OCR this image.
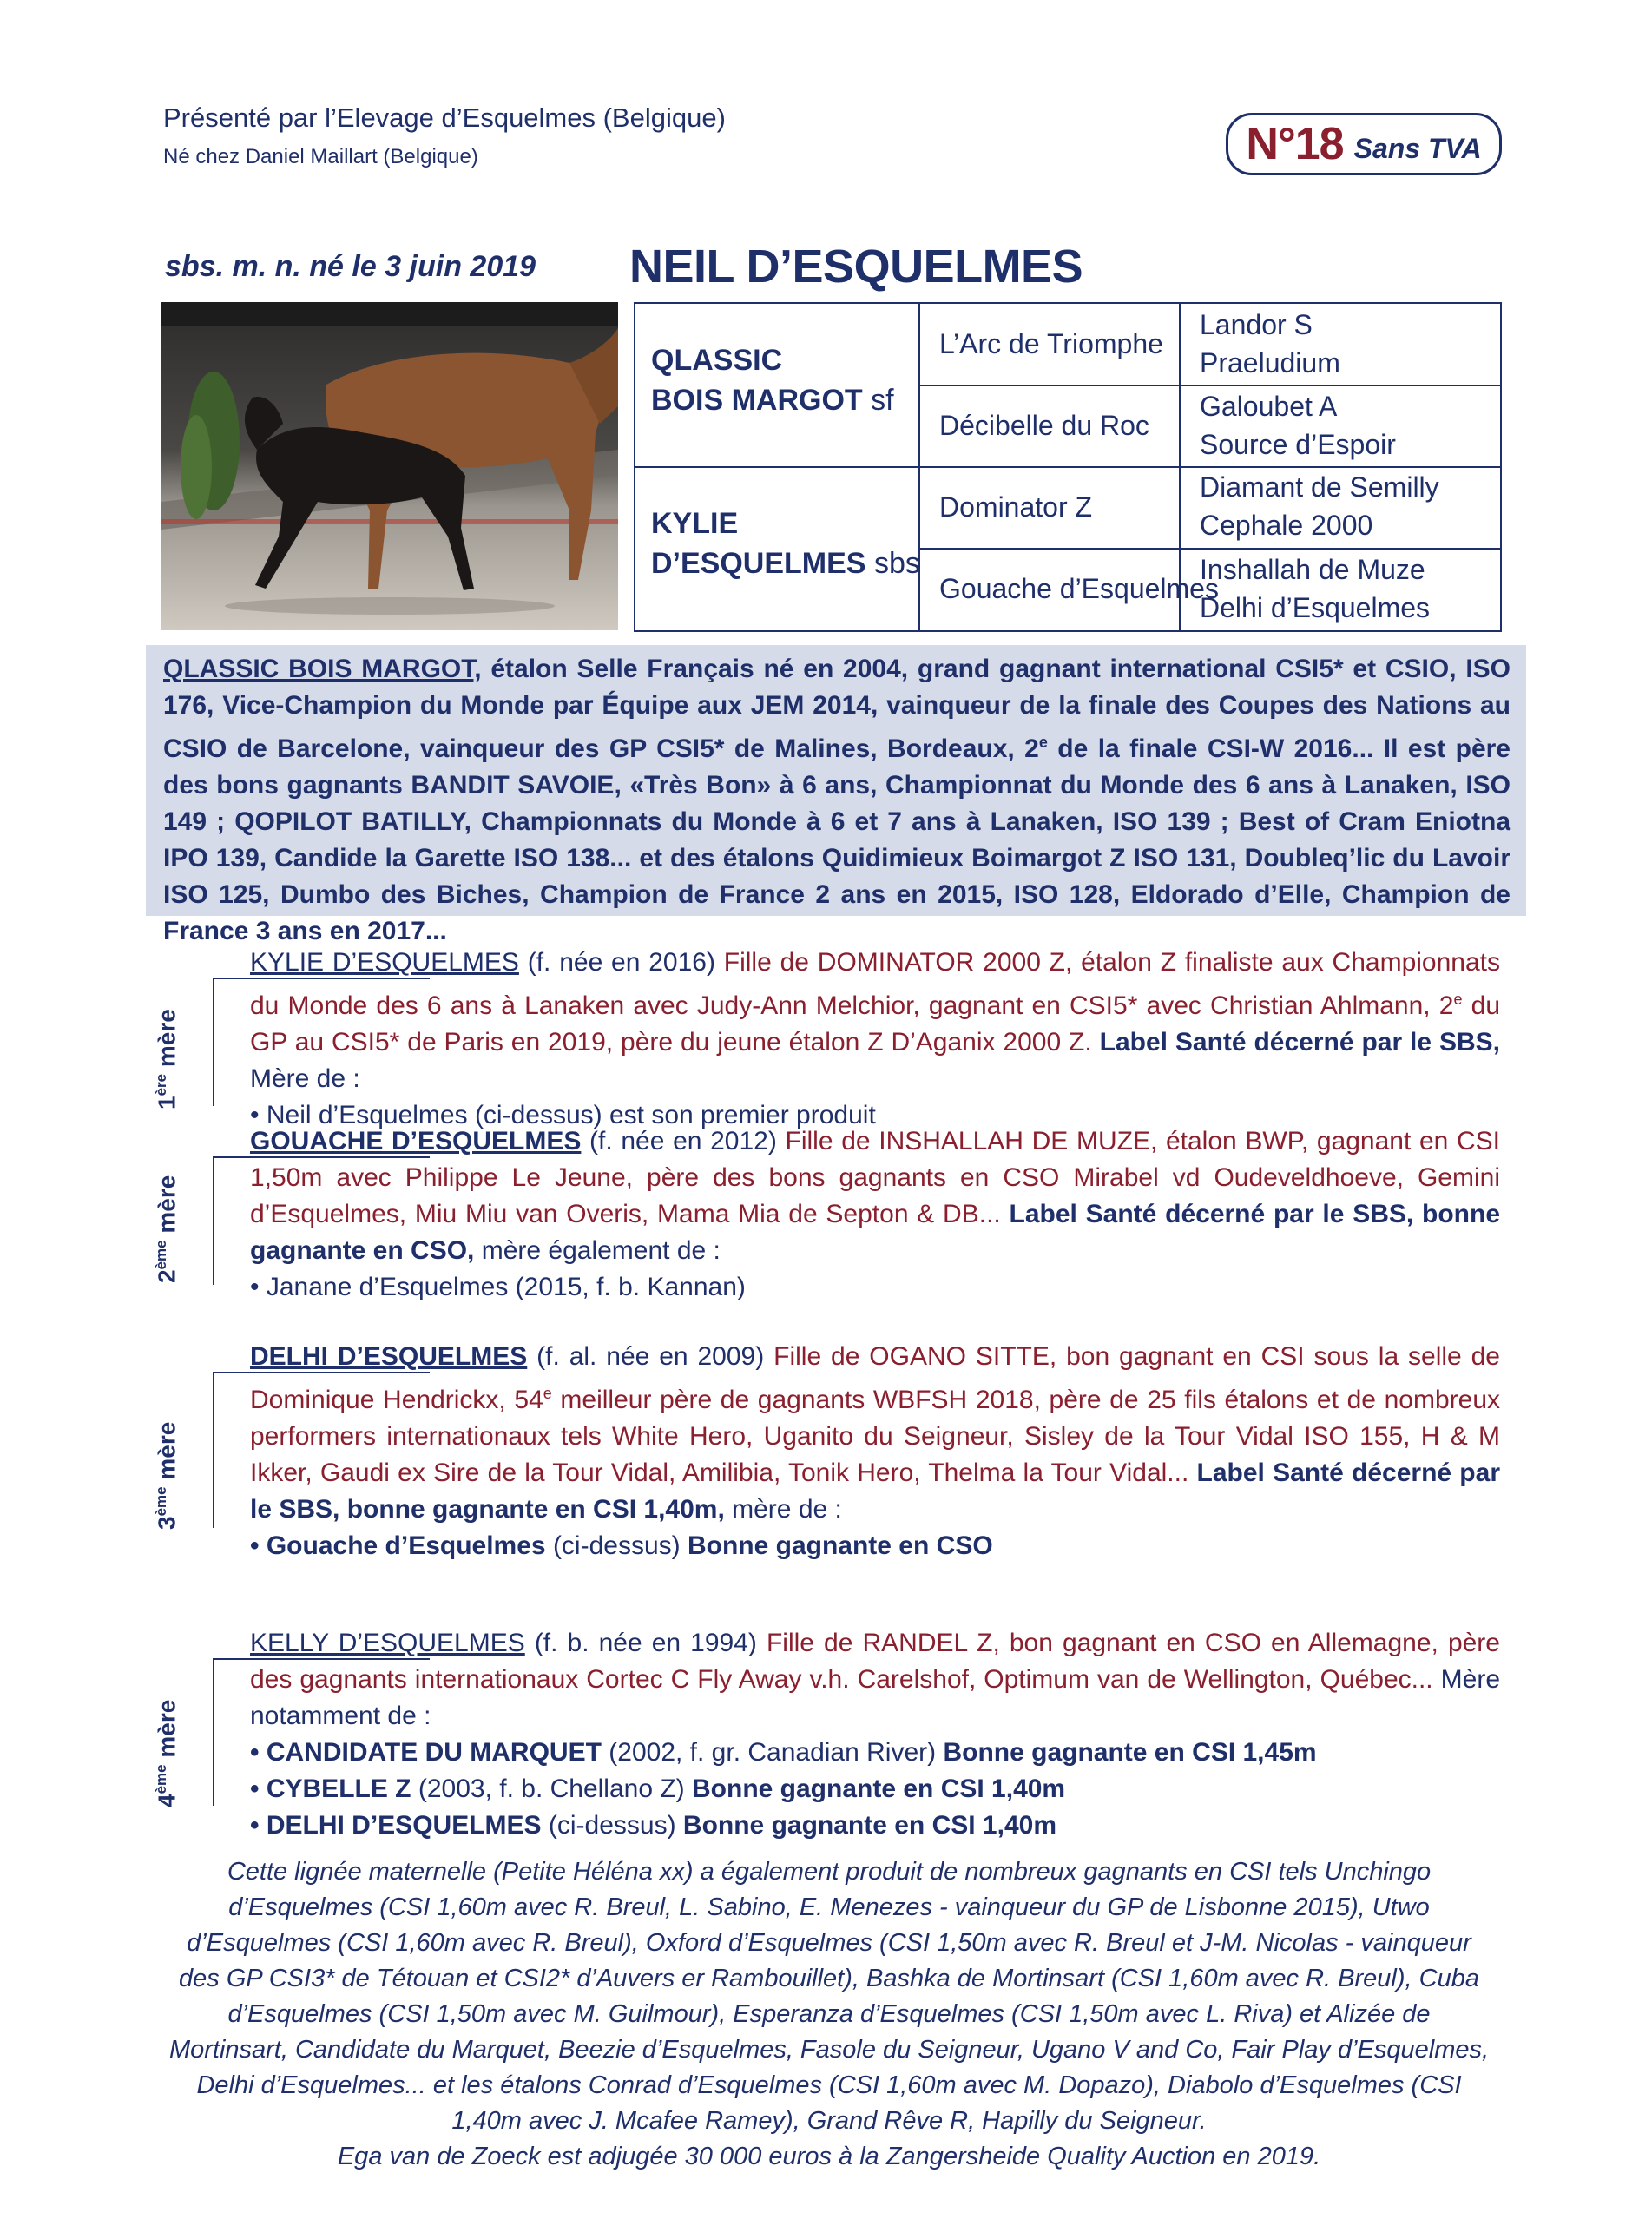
Présenté par l’Elevage d’Esquelmes (Belgique)
Né chez Daniel Maillart (Belgique)	N°18 Sans TVA
sbs. m. n. né le 3 juin 2019 NEIL D’ESQUELMES
QLASSIC
BOIS MARGOT sf
KYLIE
D’ESQUELMES sbs
L’Arc de Triomphe
Décibelle du Roc
Dominator Z
Gouache d’Esquelmes
Landor S
Praeludium
Galoubet A
Source d’Espoir
Diamant de Semilly
Cephale 2000
Inshallah de Muze
Delhi d’Esquelmes
QLASSIC BOIS MARGOT, étalon Selle Français né en 2004, grand gagnant international CSI5* et CSIO, ISO 176, Vice-Champion du Monde par Équipe aux JEM 2014, vainqueur de la finale des Coupes des Nations au CSIO de Barcelone, vainqueur des GP CSI5* de Malines, Bordeaux, 2e de la finale CSI-W 2016... Il est père des bons gagnants BANDIT SAVOIE, «Très Bon» à 6 ans, Championnat du Monde des 6 ans à Lanaken, ISO 149 ; QOPILOT BATILLY, Championnats du Monde à 6 et 7 ans à Lanaken, ISO 139 ; Best of Cram Eniotna IPO 139, Candide la Garette ISO 138... et des étalons Quidimieux Boimargot Z ISO 131, Doubleq’lic du Lavoir ISO 125, Dumbo des Biches, Champion de France 2 ans en 2015, ISO 128, Eldorado d’Elle, Champion de France 3 ans en 2017...
1ère mère
2ème mère
3ème mère
4ème mère

KYLIE D’ESQUELMES (f. née en 2016) Fille de DOMINATOR 2000 Z, étalon Z finaliste aux Championnats du Monde des 6 ans à Lanaken avec Judy-Ann Melchior, gagnant en CSI5* avec Christian Ahlmann, 2e du GP au CSI5* de Paris en 2019, père du jeune étalon Z D’Aganix 2000 Z. Label Santé décerné par le SBS, Mère de :

• Neil d’Esquelmes (ci-dessus) est son premier produit

GOUACHE D’ESQUELMES (f. née en 2012) Fille de INSHALLAH DE MUZE, étalon BWP, gagnant en CSI 1,50m avec Philippe Le Jeune, père des bons gagnants en CSO Mirabel vd Oudeveldhoeve, Gemini d’Esquelmes, Miu Miu van Overis, Mama Mia de Septon & DB... Label Santé décerné par le SBS, bonne gagnante en CSO, mère également de :

• Janane d’Esquelmes (2015, f. b. Kannan)

DELHI D’ESQUELMES (f. al. née en 2009) Fille de OGANO SITTE, bon gagnant en CSI sous la selle de Dominique Hendrickx, 54e meilleur père de gagnants WBFSH 2018, père de 25 fils étalons et de nombreux performers internationaux tels White Hero, Uganito du Seigneur, Sisley de la Tour Vidal ISO 155, H & M Ikker, Gaudi ex Sire de la Tour Vidal, Amilibia, Tonik Hero, Thelma la Tour Vidal... Label Santé décerné par le SBS, bonne gagnante en CSI 1,40m, mère de :

• Gouache d’Esquelmes (ci-dessus) Bonne gagnante en CSO

KELLY D’ESQUELMES (f. b. née en 1994) Fille de RANDEL Z, bon gagnant en CSO en Allemagne, père des gagnants internationaux Cortec C Fly Away v.h. Carelshof, Optimum van de Wellington, Québec... Mère notamment de :

• CANDIDATE DU MARQUET (2002, f. gr. Canadian River) Bonne gagnante en CSI 1,45m

• CYBELLE Z (2003, f. b. Chellano Z) Bonne gagnante en CSI 1,40m

• DELHI D’ESQUELMES (ci-dessus) Bonne gagnante en CSI 1,40m

Cette lignée maternelle (Petite Héléna xx) a également produit de nombreux gagnants en CSI tels Unchingo d’Esquelmes (CSI 1,60m avec R. Breul, L. Sabino, E. Menezes - vainqueur du GP de Lisbonne 2015), Utwo d’Esquelmes (CSI 1,60m avec R. Breul), Oxford d’Esquelmes (CSI 1,50m avec R. Breul et J-M. Nicolas - vainqueur des GP CSI3* de Tétouan et CSI2* d’Auvers er Rambouillet), Bashka de Mortinsart (CSI 1,60m avec R. Breul), Cuba d’Esquelmes (CSI 1,50m avec M. Guilmour), Esperanza d’Esquelmes (CSI 1,50m avec L. Riva) et Alizée de Mortinsart, Candidate du Marquet, Beezie d’Esquelmes, Fasole du Seigneur, Ugano V and Co, Fair Play d’Esquelmes, Delhi d’Esquelmes... et les étalons Conrad d’Esquelmes (CSI 1,60m avec M. Dopazo), Diabolo d’Esquelmes (CSI 1,40m avec J. Mcafee Ramey), Grand Rêve R, Hapilly du Seigneur.
Ega van de Zoeck est adjugée 30 000 euros à la Zangersheide Quality Auction en 2019.
